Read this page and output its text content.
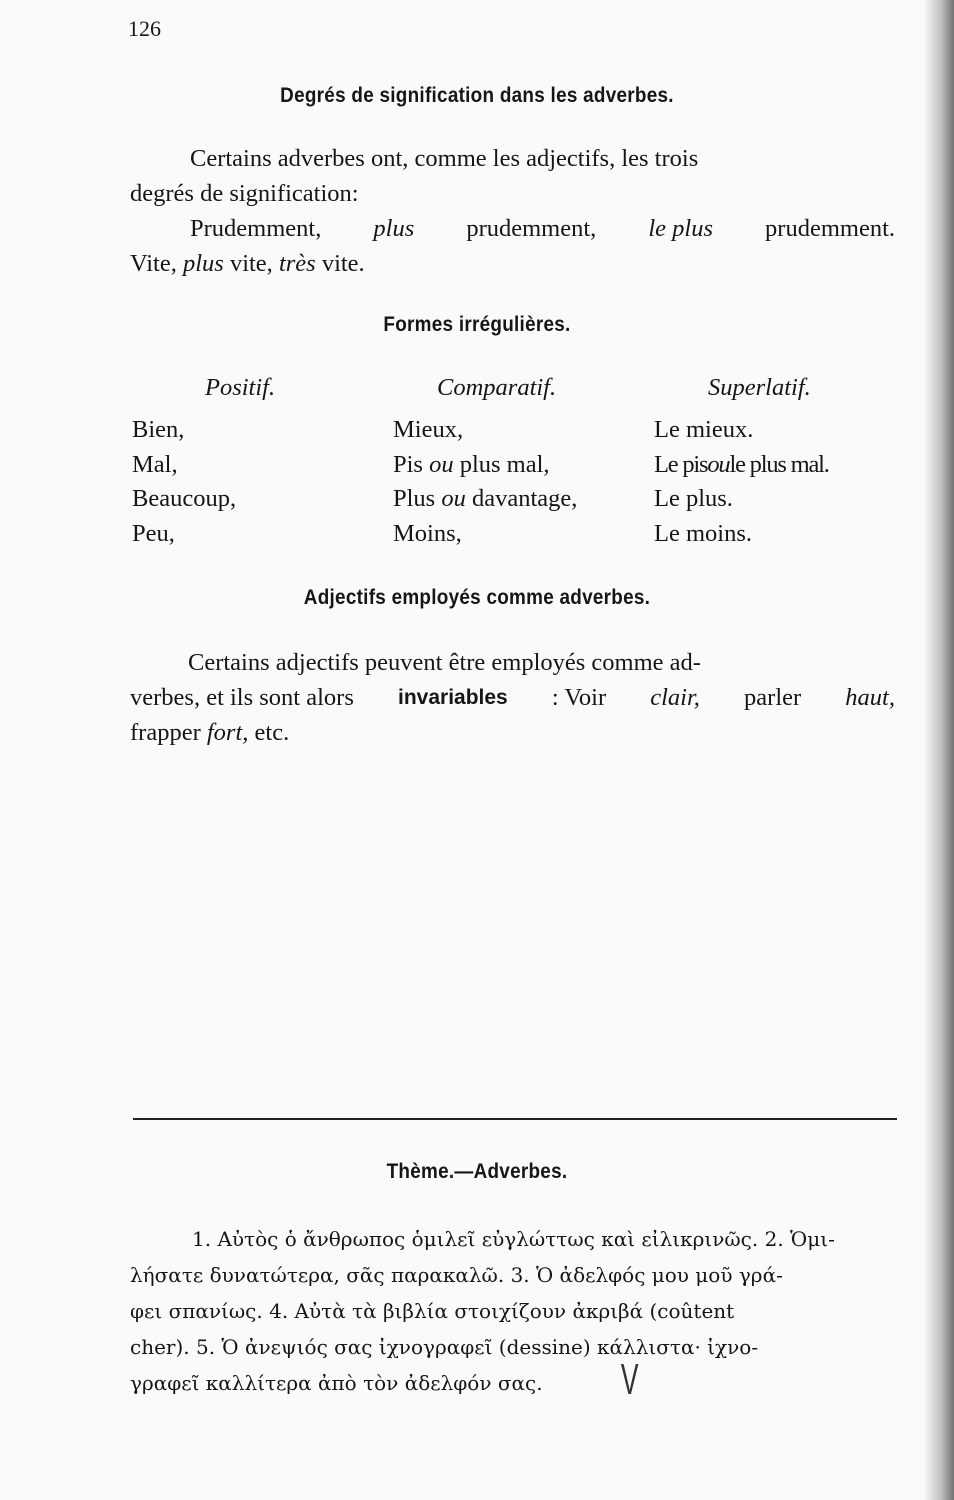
126
Degrés de signification dans les adverbes.
Certains adverbes ont, comme les adjectifs, les trois
degrés de signification:
Prudemment, plus prudemment, le plus prudemment.
Vite, plus vite, très vite.
Formes irrégulières.
Positif.	Comparatif.	Superlatif.
Bien,	Mieux,	Le mieux.
Mal,	Pis ou plus mal,	Le pisoule plus mal.
Beaucoup,	Plus ou davantage,	Le plus.
Peu,	Moins,	Le moins.
Adjectifs employés comme adverbes.
Certains adjectifs peuvent être employés comme ad-
verbes, et ils sont alors invariables : Voir clair, parler haut,
frapper fort, etc.
Thème.—Adverbes.
1. Αὐτὸς ὁ ἄνθρωπος ὁμιλεῖ εὐγλώττως καὶ εἰλικρινῶς. 2. Ὁμι-
λήσατε δυνατώτερα, σᾶς παρακαλῶ. 3. Ὁ ἀδελφός μου μοῦ γρά-
φει σπανίως. 4. Αὐτὰ τὰ βιβλία στοιχίζουν ἀκριβά (coûtent
cher). 5. Ὁ ἀνεψιός σας ἰχνογραφεῖ (dessine) κάλλιστα· ἰχνο-
γραφεῖ καλλίτερα ἀπὸ τὸν ἀδελφόν σας.	V
